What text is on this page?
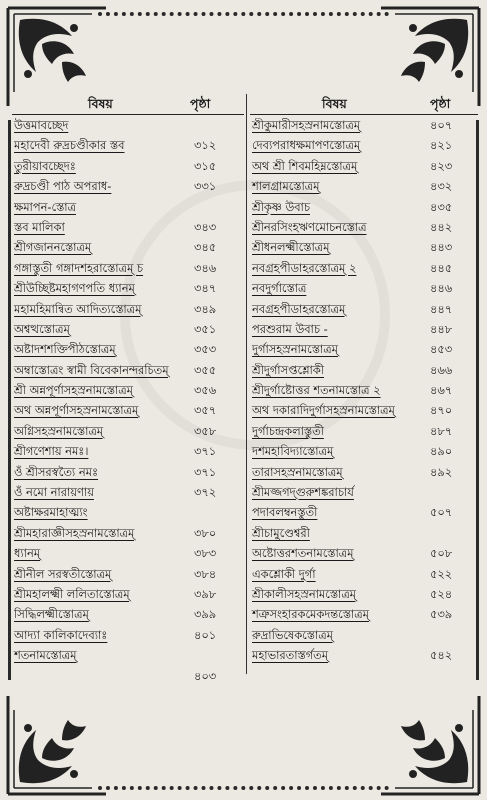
বিষয়	পৃষ্ঠা
উত্তমাবচ্ছেদ
মহাদেবী রুদ্রচণ্ডীকার স্তব	৩১২
তুরীয়াবচ্ছেদঃ	৩১৫
রুদ্রচণ্ডী পাঠ অপরাধ-	৩৩১
ক্ষমাপন-স্তোত্র
স্তব মালিকা	৩৪৩
শ্রীগজাননস্তোত্রম্	৩৪৫
গঙ্গাস্তুতী গঙ্গাদশহরাস্তোত্রম্ চ	৩৪৬
শ্রীউচ্ছিষ্টমহাগণপতি ধ্যানম্	৩৪৭
মহামহিমান্বিত আদিত্যস্তোত্রম্	৩৪৯
অশ্বত্থস্তোত্রম্	৩৫১
অষ্টাদশশক্তিপীঠস্তোত্রম্	৩৫৩
অম্বাস্তোত্রং স্বামী বিবেকানন্দরচিতম্ ৩৫৫
শ্রী অন্নপূর্ণাসহস্রনামস্তোত্রম্	৩৫৬
অথ অন্নপূর্ণাসহস্রনামস্তোত্রম্	৩৫৭
অগ্নিসহস্রনামস্তোত্রম্	৩৫৮
শ্রীগণেশায় নমঃ।	৩৭১
ওঁ শ্রীসরস্বত্যৈ নমঃ	৩৭১
ওঁ নমো নারায়ণায়	৩৭২
অষ্টাক্ষরমাহাত্ম্যং
শ্রীমহারাজ্ঞীসহস্রনামস্তোত্রম্	৩৮০
ধ্যানম্	৩৮৩
শ্রীনীল সরস্বতীস্তোত্রম্	৩৮৪
শ্রীমহালক্ষ্মী ললিতাস্তোত্রম্	৩৯৮
সিদ্ধিলক্ষ্মীস্তোত্রম্	৩৯৯
আদ্যা কালিকাদেব্যাঃ	৪০১
শতনামস্তোত্রম্
৪০৩
বিষয়	পৃষ্ঠা
শ্রীকুমারীসহস্রনামস্তোত্রম্	৪০৭
দেব্যপরাধক্ষমাপণস্তোত্রম্	৪২১
অথ শ্রী শিবমহিম্নস্তোত্রম্	৪২৩
শালগ্রামস্তোত্রম্	৪৩২
শ্রীকৃষ্ণ উবাচ	৪৩৫
শ্রীনরসিংহঋণমোচনস্তোত্র	৪৪২
শ্রীধনলক্ষ্মীস্তোত্রম্	৪৪৩
নবগ্রহপীডাহরস্তোত্রম্ ২	৪৪৫
নবদুর্গাস্তোত্র	৪৪৬
নবগ্রহপীডাহরস্তোত্রম্	৪৪৭
পরশুরাম উবাচ -	৪৪৮
দুর্গাসহস্রনামস্তোত্রম্	৪৫৩
শ্রীদুর্গাসপ্তশ্লোকী	৪৬৬
শ্রীদুর্গাষ্টোত্তর শতনামস্তোত্র ২	৪৬৭
অথ দকারাদিদুর্গাসহস্রনামস্তোত্রম্	৪৭০
দুর্গাচন্দ্রকলাস্তুতী	৪৮৭
দশমহাবিদ্যাস্তোত্রম্	৪৯০
তারাসহস্রনামস্তোত্রম্	৪৯২
শ্রীমজ্জগদ্গুরুশঙ্করাচার্য
পদাবলম্বনস্তুতী	৫০৭
শ্রীচামুণ্ডেশ্বরী
অষ্টোত্তরশতনামস্তোত্রম্	৫০৮
একশ্লোকী দুর্গা	৫২২
শ্রীকালীসহস্রনামস্তোত্রম্	৫২৪
শত্রুসংহারকমেকদন্তস্তোত্রম্	৫৩৯
রুদ্রাভিষেকস্তোত্রম্
মহাভারতাস্তর্গতম্	৫৪২
